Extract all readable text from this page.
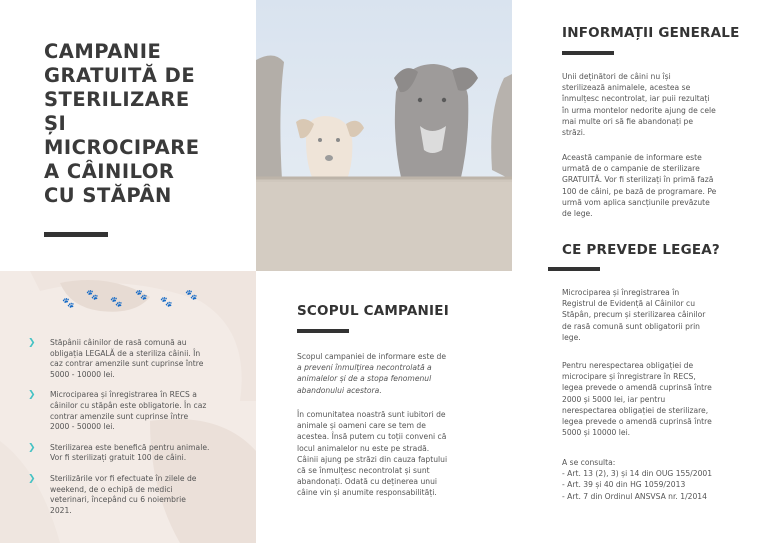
CAMPANIE
GRATUITĂ DE
STERILIZARE
ȘI
MICROCIPARE
A CÂINILOR
CU STĂPÂN
🐾
🐾
🐾
🐾
🐾
🐾
❯ Stăpânii câinilor de rasă comună au
obligația LEGALĂ de a steriliza câinii. În
caz contrar amenzile sunt cuprinse între
5000 - 10000 lei.
❯ Microciparea și înregistrarea în RECS a
câinilor cu stăpân este obligatorie. În caz
contrar amenzile sunt cuprinse între
2000 - 50000 lei.
❯ Sterilizarea este benefică pentru animale.
Vor fi sterilizați gratuit 100 de câini.
❯ Sterilizările vor fi efectuate în zilele de
weekend, de o echipă de medici
veterinari, începând cu 6 noiembrie
2021.
SCOPUL CAMPANIEI
Scopul campaniei de informare este de
a preveni înmulțirea necontrolată a
animalelor și de a stopa fenomenul
abandonului acestora.
În comunitatea noastră sunt iubitori de
animale și oameni care se tem de
acestea. Însă putem cu toții conveni că
locul animalelor nu este pe stradă.
Câinii ajung pe străzi din cauza faptului
că se înmulțesc necontrolat și sunt
abandonați. Odată cu deținerea unui
câine vin și anumite responsabilități.
INFORMAȚII GENERALE
Unii deținători de câini nu își
sterilizează animalele, acestea se
înmulțesc necontrolat, iar puii rezultați
în urma montelor nedorite ajung de cele
mai multe ori să fie abandonați pe
străzi.
Această campanie de informare este
urmată de o campanie de sterilizare
GRATUITĂ. Vor fi sterilizați în primă fază
100 de câini, pe bază de programare. Pe
urmă vom aplica sancțiunile prevăzute
de lege.
CE PREVEDE LEGEA?
Microciparea și înregistrarea în
Registrul de Evidență al Câinilor cu
Stăpân, precum și sterilizarea câinilor
de rasă comună sunt obligatorii prin
lege.
Pentru nerespectarea obligației de
microcipare și înregistrare în RECS,
legea prevede o amendă cuprinsă între
2000 și 5000 lei, iar pentru
nerespectarea obligației de sterilizare,
legea prevede o amendă cuprinsă între
5000 și 10000 lei.
A se consulta:
- Art. 13 (2), 3) și 14 din OUG 155/2001
- Art. 39 și 40 din HG 1059/2013
- Art. 7 din Ordinul ANSVSA nr. 1/2014
